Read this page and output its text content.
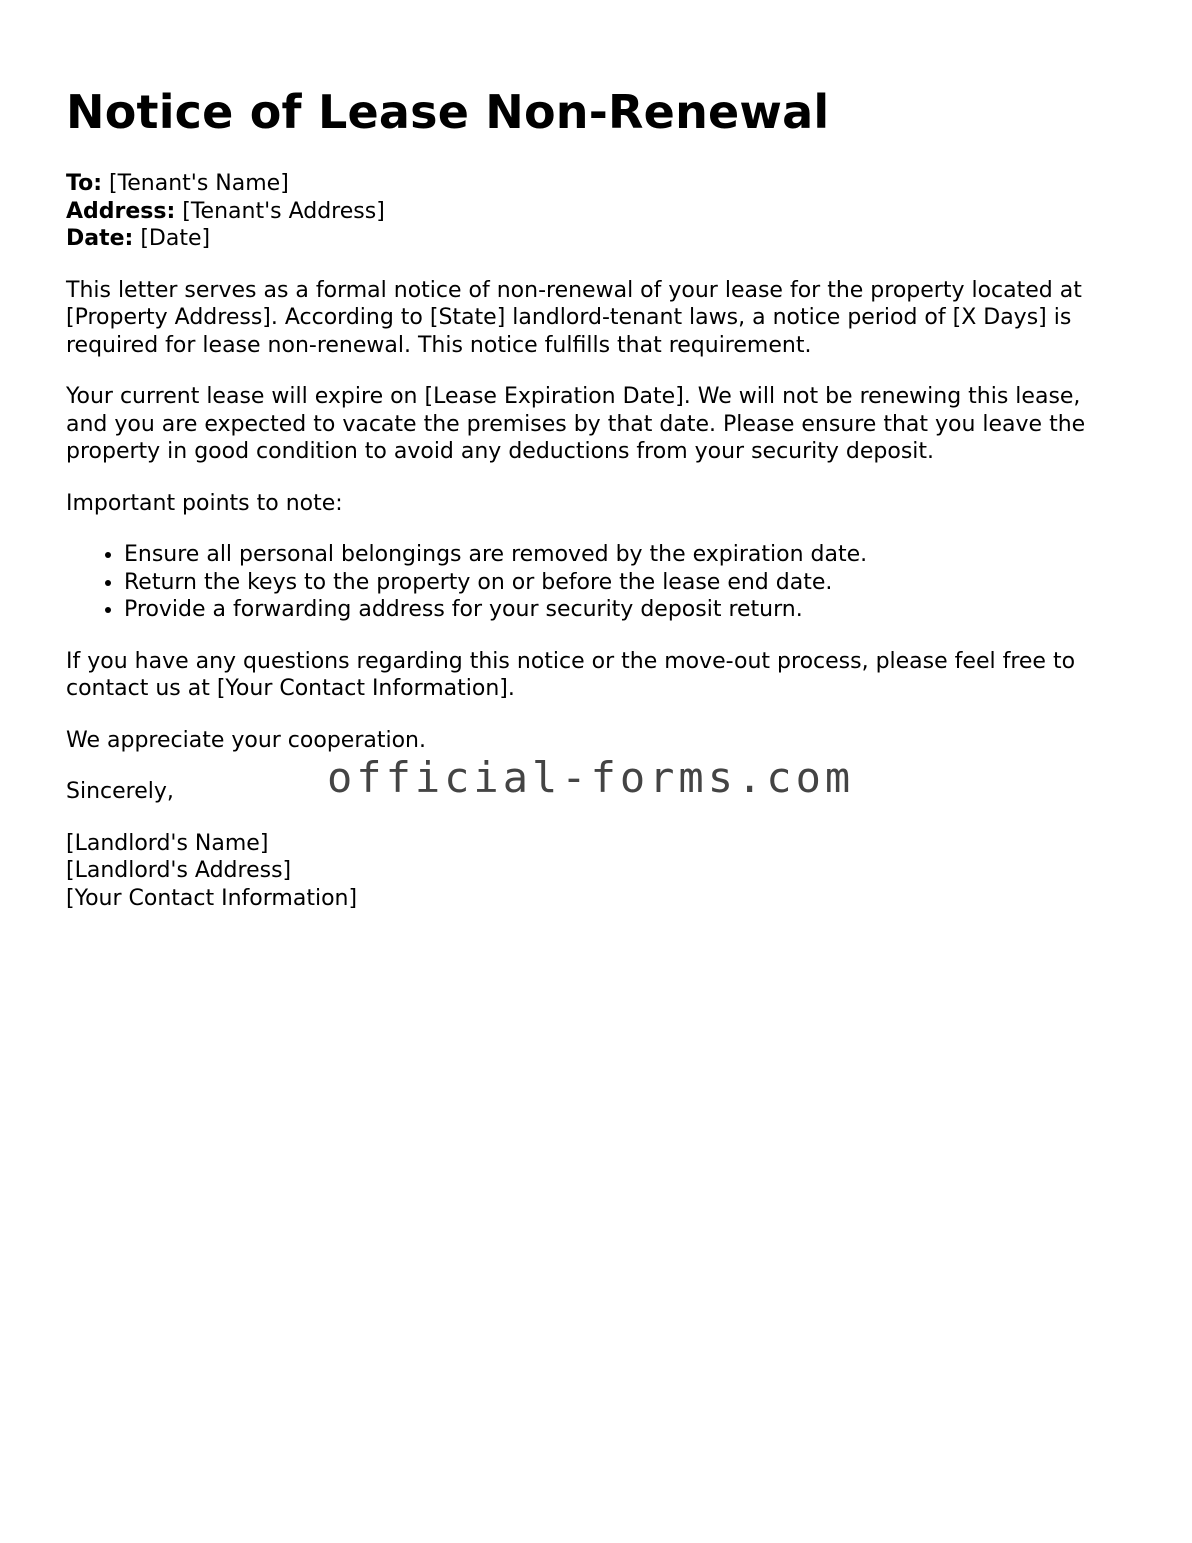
Notice of Lease Non-Renewal
To: [Tenant's Name]
Address: [Tenant's Address]
Date: [Date]

This letter serves as a formal notice of non-renewal of your lease for the property located at [Property Address]. According to [State] landlord-tenant laws, a notice period of [X Days] is required for lease non-renewal. This notice fulfills that requirement.

Your current lease will expire on [Lease Expiration Date]. We will not be renewing this lease, and you are expected to vacate the premises by that date. Please ensure that you leave the property in good condition to avoid any deductions from your security deposit.

Important points to note:

• Ensure all personal belongings are removed by the expiration date.
• Return the keys to the property on or before the lease end date.
• Provide a forwarding address for your security deposit return.

If you have any questions regarding this notice or the move-out process, please feel free to contact us at [Your Contact Information].

We appreciate your cooperation.

Sincerely,

[Landlord's Name]
[Landlord's Address]
[Your Contact Information]
official-forms.com
